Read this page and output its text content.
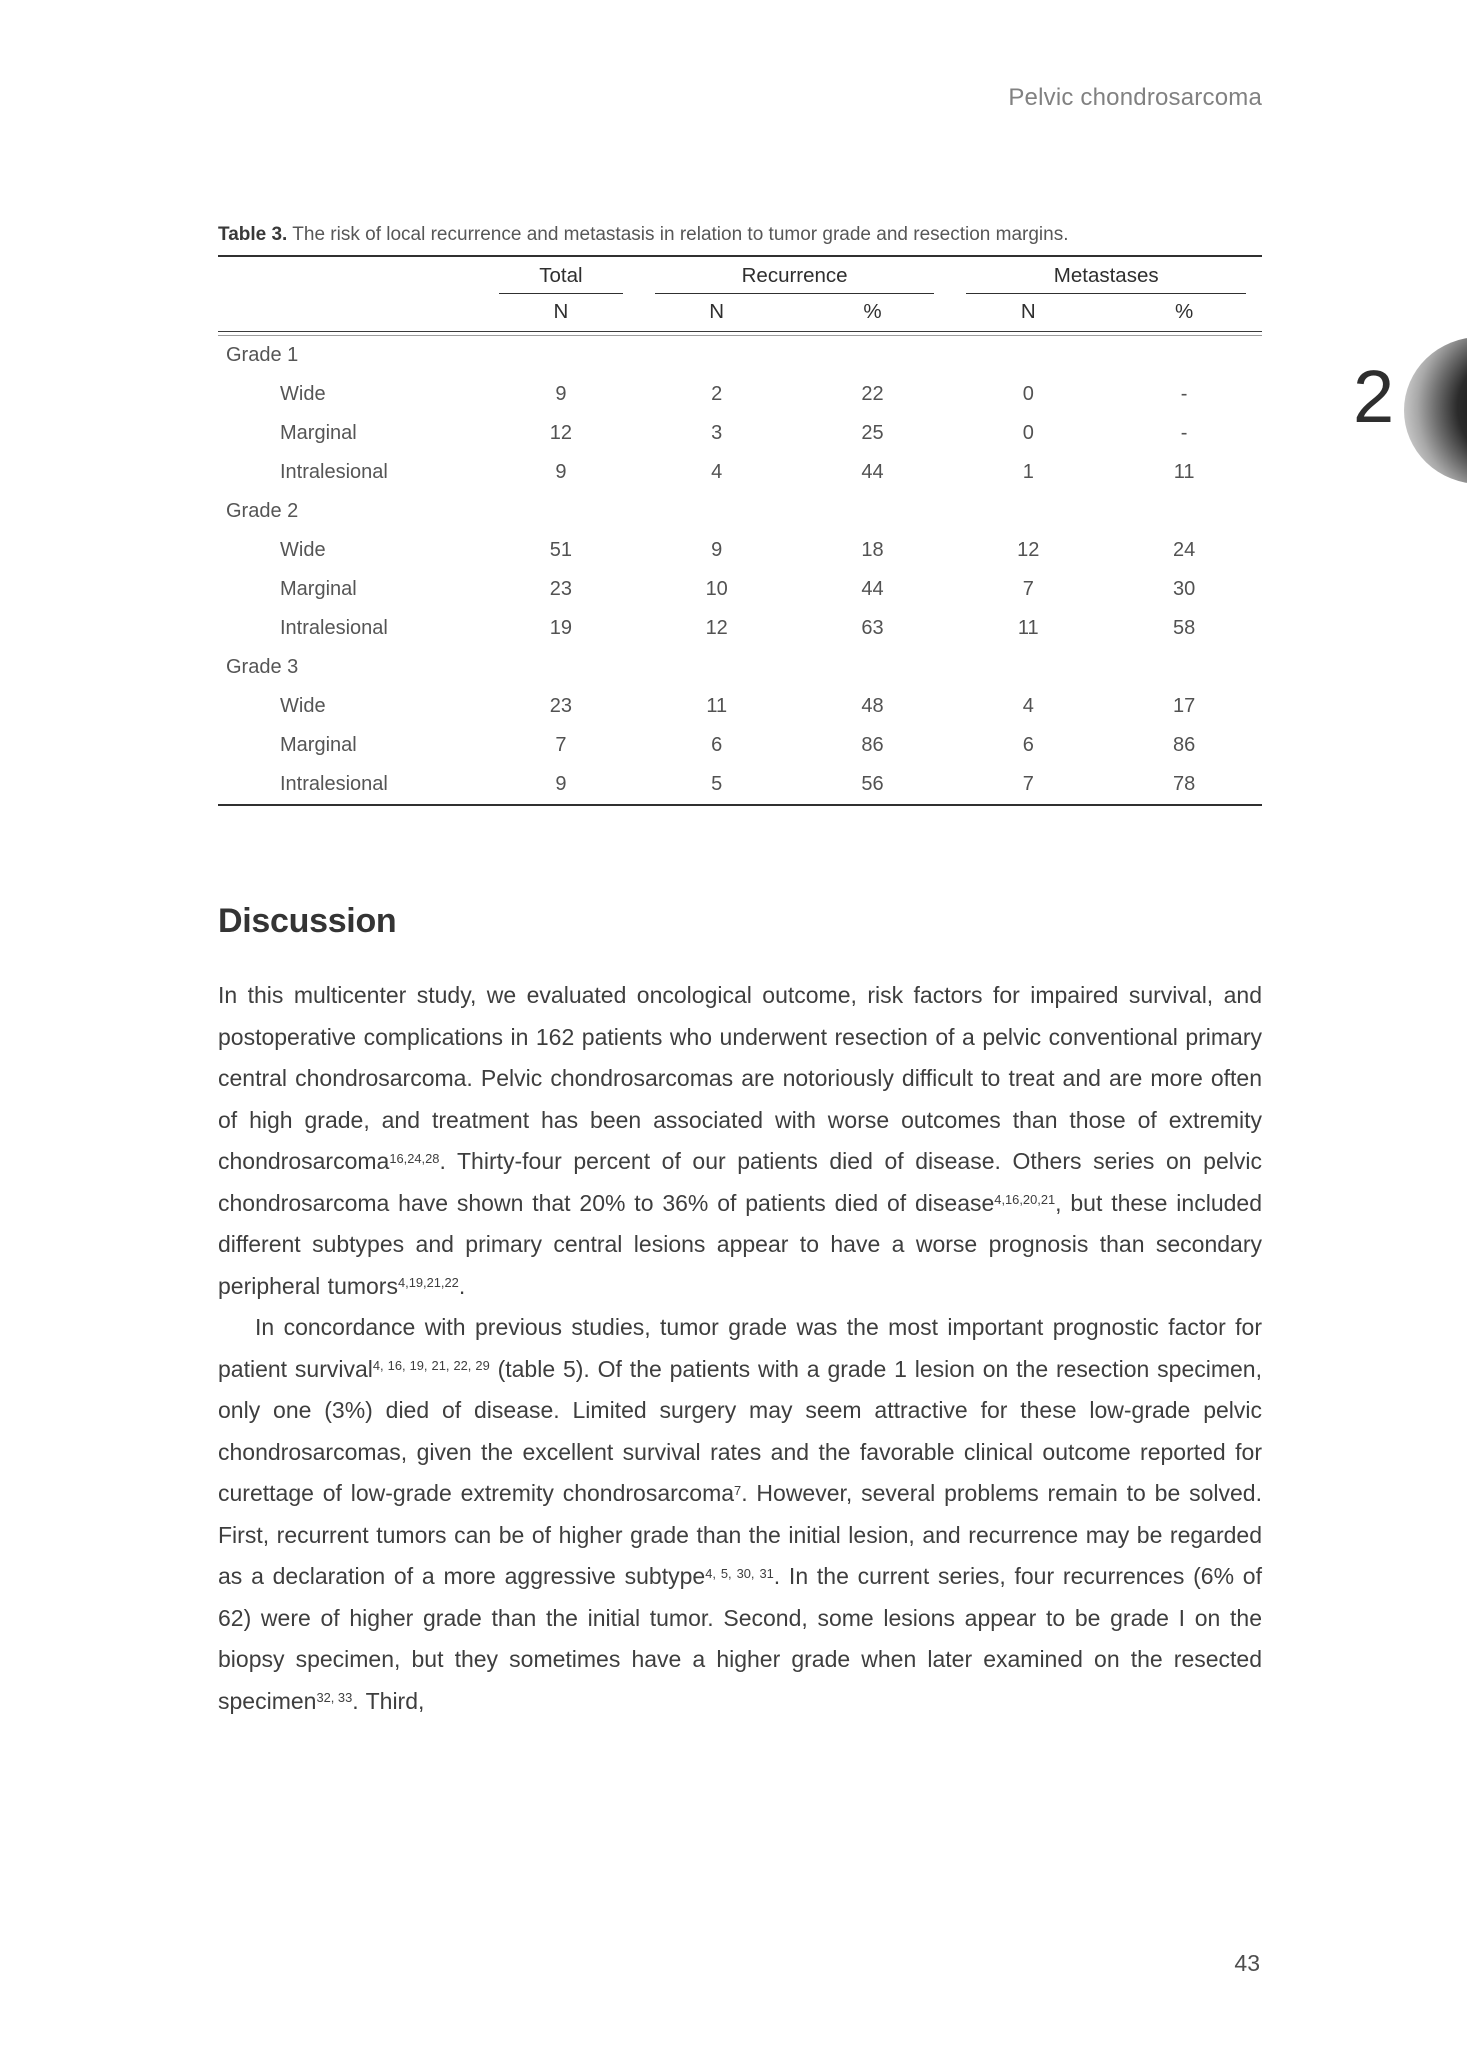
Pelvic chondrosarcoma
2

Table 3. The risk of local recurrence and metastasis in relation to tumor grade and resection margins.

	Total	Recurrence		Metastases	

	N	N	%	N	%

Grade 1					
Wide	9	2	22	0	-
Marginal	12	3	25	0	-
Intralesional	9	4	44	1	11
Grade 2					
Wide	51	9	18	12	24
Marginal	23	10	44	7	30
Intralesional	19	12	63	11	58
Grade 3					
Wide	23	11	48	4	17
Marginal	7	6	86	6	86
Intralesional	9	5	56	7	78
Discussion

In this multicenter study, we evaluated oncological outcome, risk factors for impaired survival, and postoperative complications in 162 patients who underwent resection of a pelvic conventional primary central chondrosarcoma. Pelvic chondrosarcomas are notoriously difficult to treat and are more often of high grade, and treatment has been associated with worse outcomes than those of extremity chondrosarcoma$^{16,24,28}$. Thirty-four percent of our patients died of disease. Others series on pelvic chondrosarcoma have shown that 20% to 36% of patients died of disease$^{4,16,20,21}$, but these included different subtypes and primary central lesions appear to have a worse prognosis than secondary peripheral tumors$^{4,19,21,22}$.

In concordance with previous studies, tumor grade was the most important prognostic factor for patient survival$^{4, 16, 19, 21, 22, 29}$ (table 5). Of the patients with a grade 1 lesion on the resection specimen, only one (3%) died of disease. Limited surgery may seem attractive for these low-grade pelvic chondrosarcomas, given the excellent survival rates and the favorable clinical outcome reported for curettage of low-grade extremity chondrosarcoma$^7$. However, several problems remain to be solved. First, recurrent tumors can be of higher grade than the initial lesion, and recurrence may be regarded as a declaration of a more aggressive subtype$^{4, 5, 30, 31}$. In the current series, four recurrences (6% of 62) were of higher grade than the initial tumor. Second, some lesions appear to be grade I on the biopsy specimen, but they sometimes have a higher grade when later examined on the resected specimen$^{32, 33}$. Third,

43
